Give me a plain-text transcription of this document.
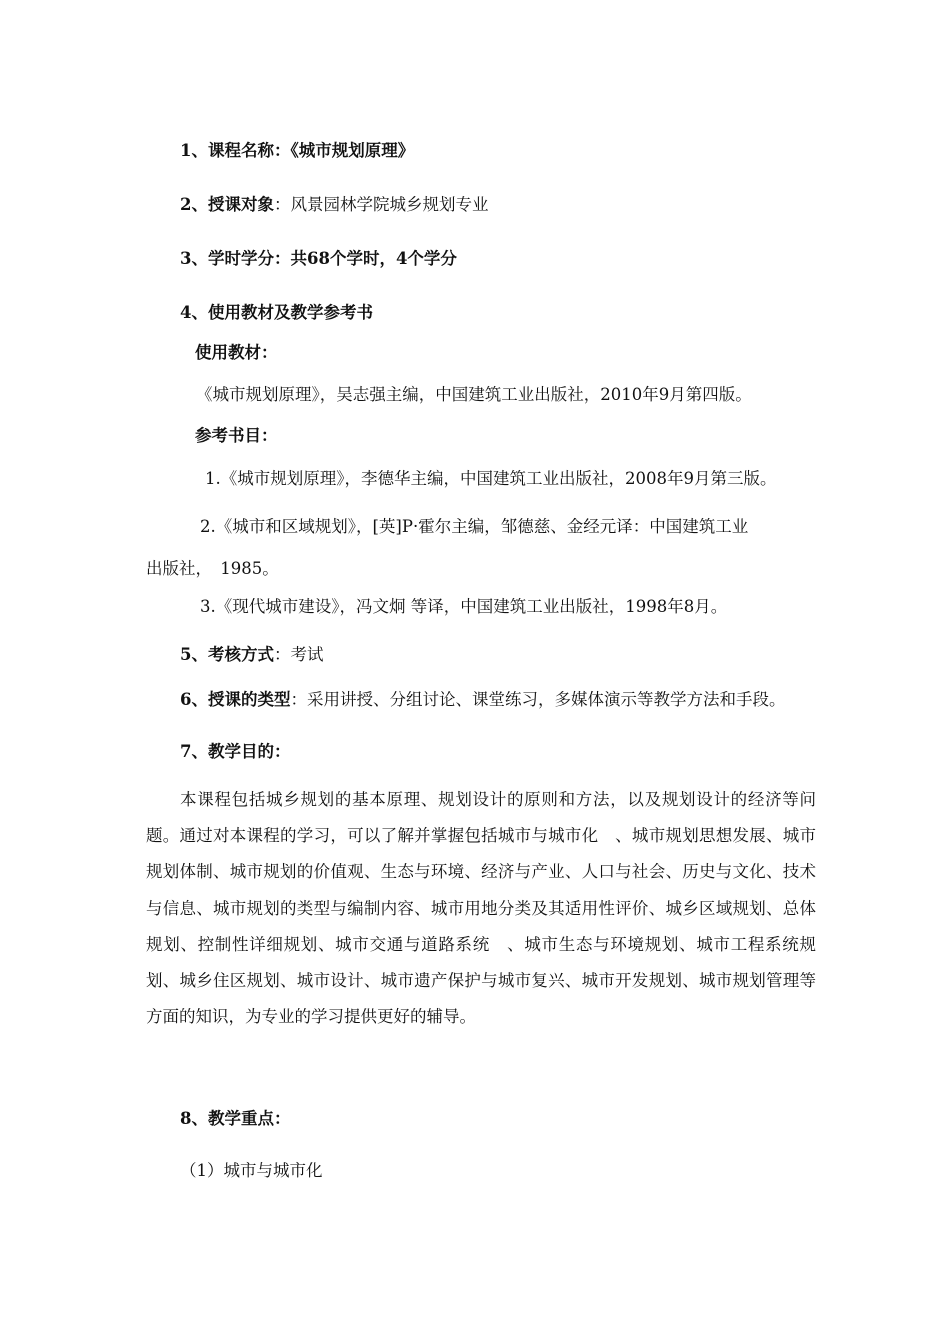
1、课程名称：《城市规划原理》
2、授课对象：风景园林学院城乡规划专业
3、学时学分：共68个学时，4个学分
4、使用教材及教学参考书
使用教材：
《城市规划原理》，吴志强主编，中国建筑工业出版社，2010年9月第四版。
参考书目：
1.《城市规划原理》，李德华主编，中国建筑工业出版社，2008年9月第三版。
2.《城市和区域规划》，[英]P·霍尔主编，邹德慈、金经元译：中国建筑工业
出版社，　1985。
3.《现代城市建设》，冯文炯 等译，中国建筑工业出版社，1998年8月。
5、考核方式：考试
6、授课的类型：采用讲授、分组讨论、课堂练习，多媒体演示等教学方法和手段。
7、教学目的：
本课程包括城乡规划的基本原理、规划设计的原则和方法，以及规划设计的经济等问题。通过对本课程的学习，可以了解并掌握包括城市与城市化　、城市规划思想发展、城市规划体制、城市规划的价值观、生态与环境、经济与产业、人口与社会、历史与文化、技术与信息、城市规划的类型与编制内容、城市用地分类及其适用性评价、城乡区域规划、总体规划、控制性详细规划、城市交通与道路系统　、城市生态与环境规划、城市工程系统规划、城乡住区规划、城市设计、城市遗产保护与城市复兴、城市开发规划、城市规划管理等方面的知识，为专业的学习提供更好的辅导。
8、教学重点：
（1）城市与城市化
